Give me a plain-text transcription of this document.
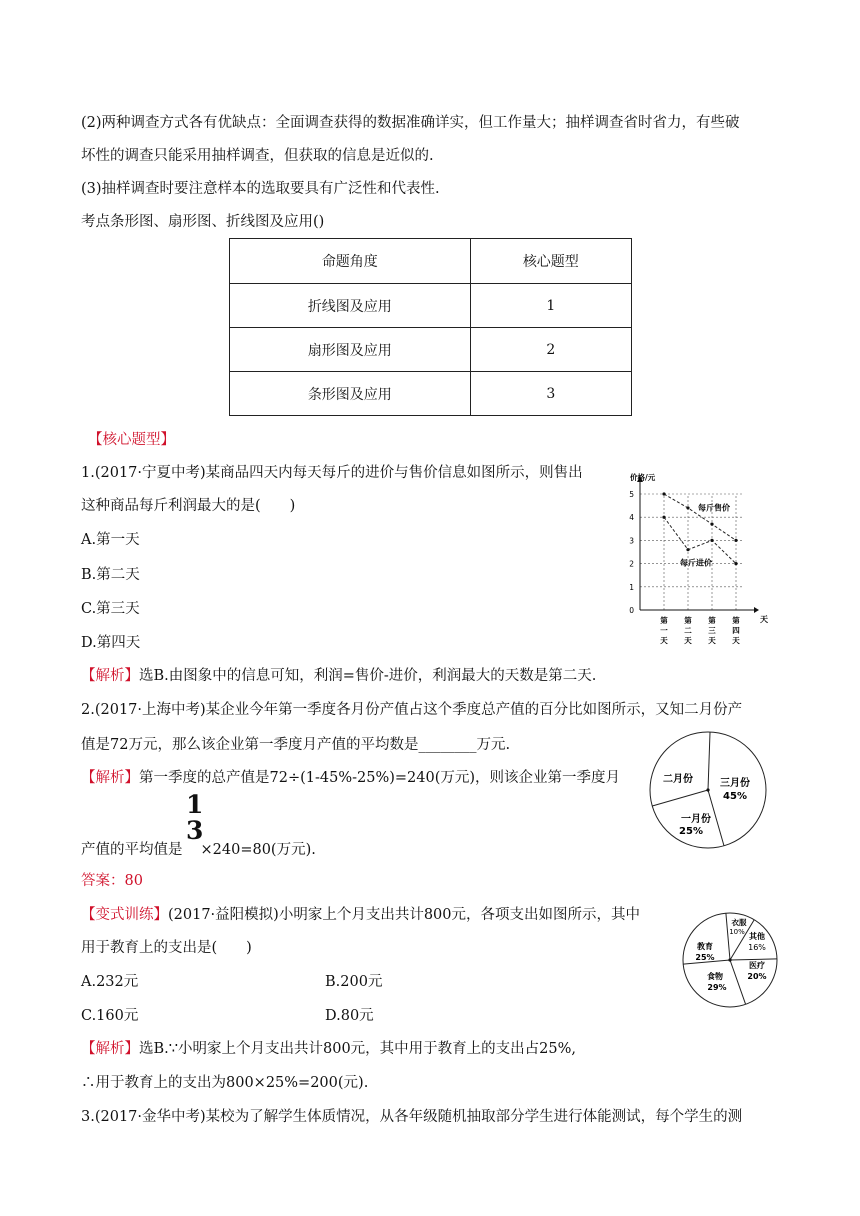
(2)两种调查方式各有优缺点：全面调查获得的数据准确详实，但工作量大；抽样调查省时省力，有些破
坏性的调查只能采用抽样调查，但获取的信息是近似的.
(3)抽样调查时要注意样本的选取要具有广泛性和代表性.
考点条形图、扇形图、折线图及应用()
命题角度	核心题型
折线图及应用	1
扇形图及应用	2
条形图及应用	3
【核心题型】
1.(2017·宁夏中考)某商品四天内每天每斤的进价与售价信息如图所示，则售出
这种商品每斤利润最大的是(　　)
A.第一天
B.第二天
C.第三天
D.第四天
【解析】选B.由图象中的信息可知，利润=售价-进价，利润最大的天数是第二天.
0
1
2
3
4
5
价格/元
天
第
一
天
第
二
天
第
三
天
第
四
天
每斤售价
每斤进价
2.(2017·上海中考)某企业今年第一季度各月份产值占这个季度总产值的百分比如图所示，又知二月份产
值是72万元，那么该企业第一季度月产值的平均数是________万元.
【解析】第一季度的总产值是72÷(1-45%-25%)=240(万元)，则该企业第一季度月
1
3
产值的平均值是 ×240=80(万元).
答案：80
二月份	三月份
45%
一月份
25%
【变式训练】(2017·益阳模拟)小明家上个月支出共计800元，各项支出如图所示，其中
用于教育上的支出是(　　)
A.232元	B.200元
C.160元	D.80元
【解析】选B.∵小明家上个月支出共计800元，其中用于教育上的支出占25%,
∴用于教育上的支出为800×25%=200(元).
教育
25%
衣服
10% 其他
16%
医疗
20%
食物
29%
3.(2017·金华中考)某校为了解学生体质情况，从各年级随机抽取部分学生进行体能测试，每个学生的测
